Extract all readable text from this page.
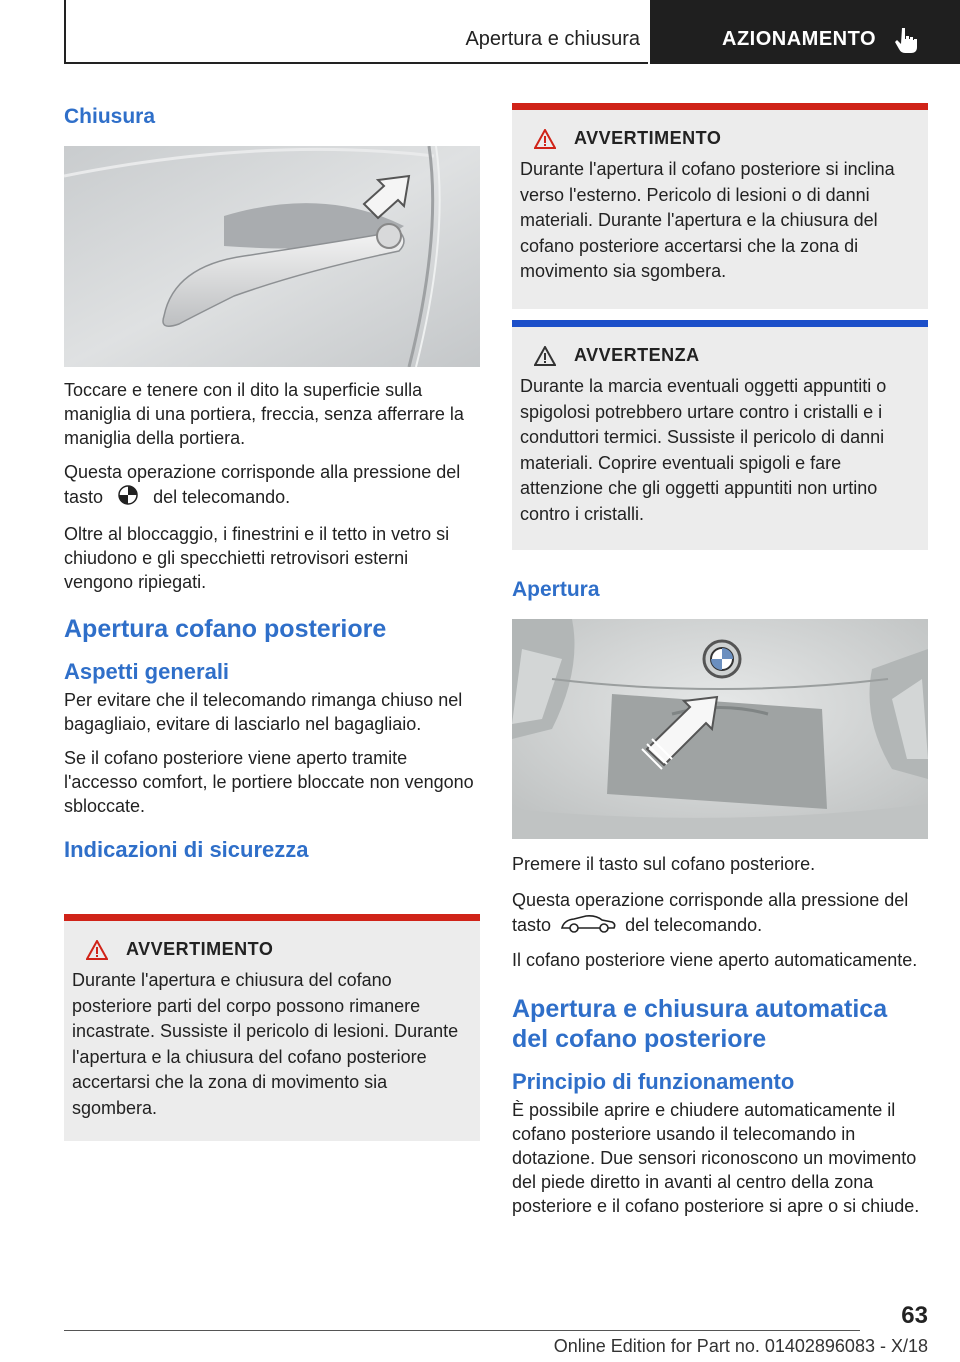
Apertura e chiusura	AZIONAMENTO
Chiusura

Toccare e tenere con il dito la superficie sulla maniglia di una portiera, freccia, senza afferrare la maniglia della portiera.

Questa operazione corrisponde alla pressione del tasto	del telecomando.

Oltre al bloccaggio, i finestrini e il tetto in vetro si chiudono e gli specchietti retrovisori esterni vengono ripiegati.

Apertura cofano posteriore
Aspetti generali

Per evitare che il telecomando rimanga chiuso nel bagagliaio, evitare di lasciarlo nel bagagliaio.

Se il cofano posteriore viene aperto tramite l'accesso comfort, le portiere bloccate non vengono sbloccate.

Indicazioni di sicurezza
AVVERTIMENTO

Durante l'apertura e chiusura del cofano posteriore parti del corpo possono rimanere incastrate. Sussiste il pericolo di lesioni. Durante l'apertura e la chiusura del cofano posteriore accertarsi che la zona di movimento sia sgombera.

AVVERTIMENTO

Durante l'apertura il cofano posteriore si inclina verso l'esterno. Pericolo di lesioni o di danni materiali. Durante l'apertura e la chiusura del cofano posteriore accertarsi che la zona di movimento sia sgombera.

AVVERTENZA

Durante la marcia eventuali oggetti appuntiti o spigolosi potrebbero urtare contro i cristalli e i conduttori termici. Sussiste il pericolo di danni materiali. Coprire eventuali spigoli e fare attenzione che gli oggetti appuntiti non urtino contro i cristalli.

Apertura

Premere il tasto sul cofano posteriore.

Questa operazione corrisponde alla pressione del tasto	del telecomando.

Il cofano posteriore viene aperto automaticamente.

Apertura e chiusura automatica del cofano posteriore
Principio di funzionamento

È possibile aprire e chiudere automaticamente il cofano posteriore usando il telecomando in dotazione. Due sensori riconoscono un movimento del piede diretto in avanti al centro della zona posteriore e il cofano posteriore si apre o si chiude.

63
Online Edition for Part no. 01402896083 - X/18
